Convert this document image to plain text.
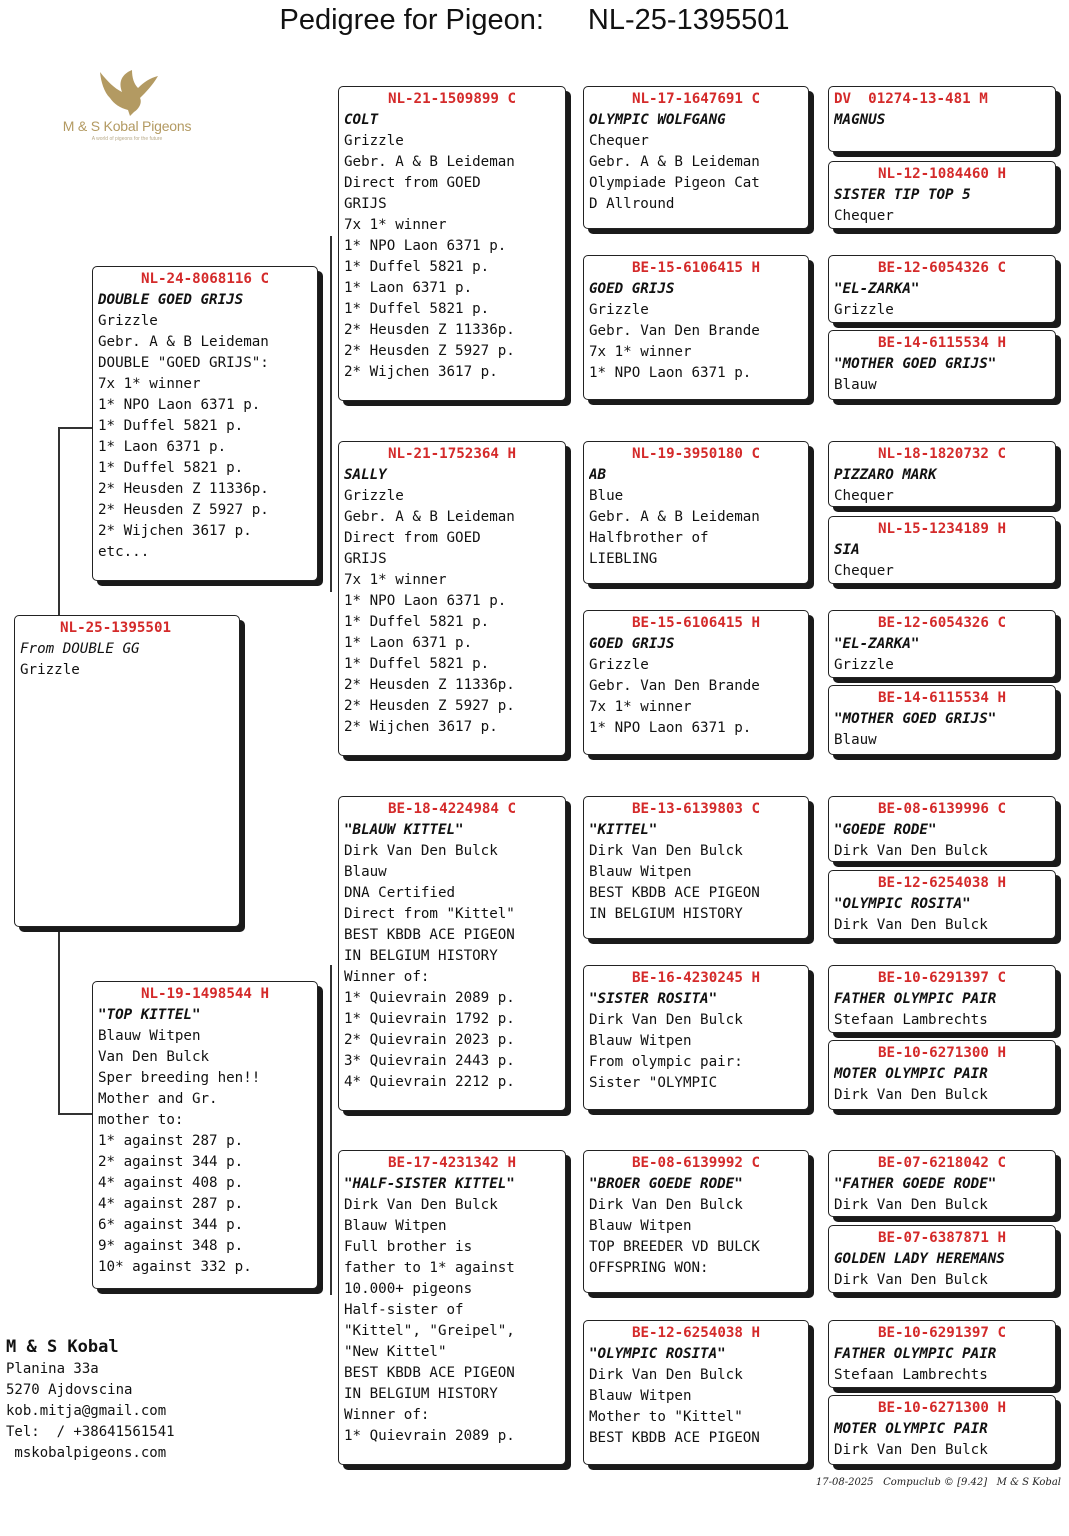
Pedigree for Pigeon: NL-25-1395501
M & S Kobal Pigeons
A world of pigeons for the future
NL-25-1395501
From DOUBLE GG
Grizzle
NL-24-8068116 C
DOUBLE GOED GRIJS
Grizzle
Gebr. A & B Leideman
DOUBLE "GOED GRIJS":
7x 1* winner
1* NPO Laon 6371 p.
1* Duffel 5821 p.
1* Laon 6371 p.
1* Duffel 5821 p.
2* Heusden Z 11336p.
2* Heusden Z 5927 p.
2* Wijchen 3617 p.
etc...
NL-19-1498544 H
"TOP KITTEL"
Blauw Witpen
Van Den Bulck
Sper breeding hen!!
Mother and Gr.
mother to:
1* against 287 p.
2* against 344 p.
4* against 408 p.
4* against 287 p.
6* against 344 p.
9* against 348 p.
10* against 332 p.
NL-21-1509899 C
COLT
Grizzle
Gebr. A & B Leideman
Direct from GOED
GRIJS
7x 1* winner
1* NPO Laon 6371 p.
1* Duffel 5821 p.
1* Laon 6371 p.
1* Duffel 5821 p.
2* Heusden Z 11336p.
2* Heusden Z 5927 p.
2* Wijchen 3617 p.
NL-21-1752364 H
SALLY
Grizzle
Gebr. A & B Leideman
Direct from GOED
GRIJS
7x 1* winner
1* NPO Laon 6371 p.
1* Duffel 5821 p.
1* Laon 6371 p.
1* Duffel 5821 p.
2* Heusden Z 11336p.
2* Heusden Z 5927 p.
2* Wijchen 3617 p.
BE-18-4224984 C
"BLAUW KITTEL"
Dirk Van Den Bulck
Blauw
DNA Certified
Direct from "Kittel"
BEST KBDB ACE PIGEON
IN BELGIUM HISTORY
Winner of:
1* Quievrain 2089 p.
1* Quievrain 1792 p.
2* Quievrain 2023 p.
3* Quievrain 2443 p.
4* Quievrain 2212 p.
BE-17-4231342 H
"HALF-SISTER KITTEL"
Dirk Van Den Bulck
Blauw Witpen
Full brother is
father to 1* against
10.000+ pigeons
Half-sister of
"Kittel", "Greipel",
"New Kittel"
BEST KBDB ACE PIGEON
IN BELGIUM HISTORY
Winner of:
1* Quievrain 2089 p.
NL-17-1647691 C
OLYMPIC WOLFGANG
Chequer
Gebr. A & B Leideman
Olympiade Pigeon Cat
D Allround
BE-15-6106415 H
GOED GRIJS
Grizzle
Gebr. Van Den Brande
7x 1* winner
1* NPO Laon 6371 p.
NL-19-3950180 C
AB
Blue
Gebr. A & B Leideman
Halfbrother of
LIEBLING
BE-15-6106415 H
GOED GRIJS
Grizzle
Gebr. Van Den Brande
7x 1* winner
1* NPO Laon 6371 p.
BE-13-6139803 C
"KITTEL"
Dirk Van Den Bulck
Blauw Witpen
BEST KBDB ACE PIGEON
IN BELGIUM HISTORY
BE-16-4230245 H
"SISTER ROSITA"
Dirk Van Den Bulck
Blauw Witpen
From olympic pair:
Sister "OLYMPIC
BE-08-6139992 C
"BROER GOEDE RODE"
Dirk Van Den Bulck
Blauw Witpen
TOP BREEDER VD BULCK
OFFSPRING WON:
BE-12-6254038 H
"OLYMPIC ROSITA"
Dirk Van Den Bulck
Blauw Witpen
Mother to "Kittel"
BEST KBDB ACE PIGEON
DV  01274-13-481 M
MAGNUS
NL-12-1084460 H
SISTER TIP TOP 5
Chequer
BE-12-6054326 C
"EL-ZARKA"
Grizzle
BE-14-6115534 H
"MOTHER GOED GRIJS"
Blauw
NL-18-1820732 C
PIZZARO MARK
Chequer
NL-15-1234189 H
SIA
Chequer
BE-12-6054326 C
"EL-ZARKA"
Grizzle
BE-14-6115534 H
"MOTHER GOED GRIJS"
Blauw
BE-08-6139996 C
"GOEDE RODE"
Dirk Van Den Bulck
BE-12-6254038 H
"OLYMPIC ROSITA"
Dirk Van Den Bulck
BE-10-6291397 C
FATHER OLYMPIC PAIR
Stefaan Lambrechts
BE-10-6271300 H
MOTER OLYMPIC PAIR
Dirk Van Den Bulck
BE-07-6218042 C
"FATHER GOEDE RODE"
Dirk Van Den Bulck
BE-07-6387871 H
GOLDEN LADY HEREMANS
Dirk Van Den Bulck
BE-10-6291397 C
FATHER OLYMPIC PAIR
Stefaan Lambrechts
BE-10-6271300 H
MOTER OLYMPIC PAIR
Dirk Van Den Bulck
M & S Kobal
Planina 33a
5270 Ajdovscina
kob.mitja@gmail.com
Tel:  / +38641561541
mskobalpigeons.com
17-08-2025   Compuclub © [9.42]   M & S Kobal
